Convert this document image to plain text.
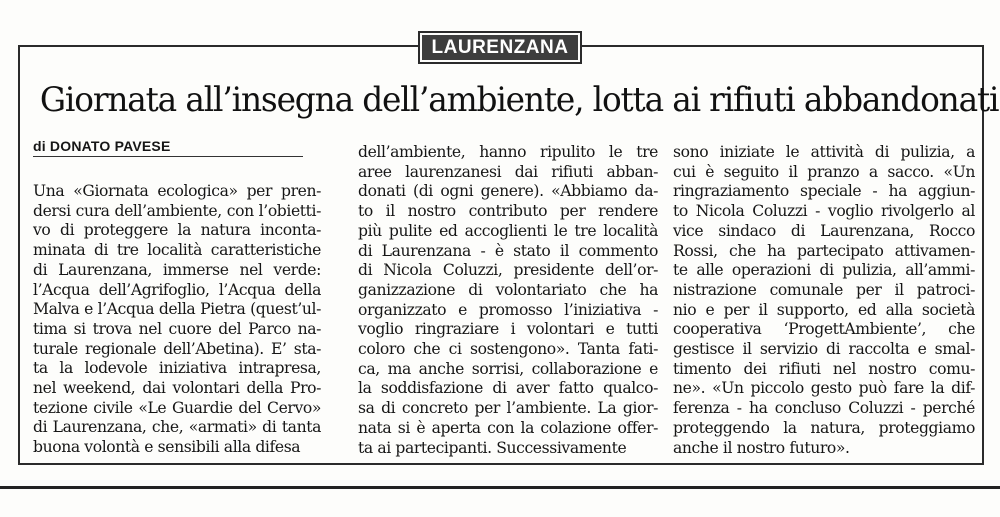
LAURENZANA
Giornata all’insegna dell’ambiente, lotta ai rifiuti abbandonati
di DONATO PAVESE
Una «Giornata ecologica» per pren-
dersi cura dell’ambiente, con l’obietti-
vo di proteggere la natura inconta-
minata di tre località caratteristiche
di Laurenzana, immerse nel verde:
l’Acqua dell’Agrifoglio, l’Acqua della
Malva e l’Acqua della Pietra (quest’ul-
tima si trova nel cuore del Parco na-
turale regionale dell’Abetina). E’ sta-
ta la lodevole iniziativa intrapresa,
nel weekend, dai volontari della Pro-
tezione civile «Le Guardie del Cervo»
di Laurenzana, che, «armati» di tanta
buona volontà e sensibili alla difesa
dell’ambiente, hanno ripulito le tre
aree laurenzanesi dai rifiuti abban-
donati (di ogni genere). «Abbiamo da-
to il nostro contributo per rendere
più pulite ed accoglienti le tre località
di Laurenzana - è stato il commento
di Nicola Coluzzi, presidente dell’or-
ganizzazione di volontariato che ha
organizzato e promosso l’iniziativa -
voglio ringraziare i volontari e tutti
coloro che ci sostengono». Tanta fati-
ca, ma anche sorrisi, collaborazione e
la soddisfazione di aver fatto qualco-
sa di concreto per l’ambiente. La gior-
nata si è aperta con la colazione offer-
ta ai partecipanti. Successivamente
sono iniziate le attività di pulizia, a
cui è seguito il pranzo a sacco. «Un
ringraziamento speciale - ha aggiun-
to Nicola Coluzzi - voglio rivolgerlo al
vice sindaco di Laurenzana, Rocco
Rossi, che ha partecipato attivamen-
te alle operazioni di pulizia, all’ammi-
nistrazione comunale per il patroci-
nio e per il supporto, ed alla società
cooperativa ‘ProgettAmbiente’, che
gestisce il servizio di raccolta e smal-
timento dei rifiuti nel nostro comu-
ne». «Un piccolo gesto può fare la dif-
ferenza - ha concluso Coluzzi - perché
proteggendo la natura, proteggiamo
anche il nostro futuro».
